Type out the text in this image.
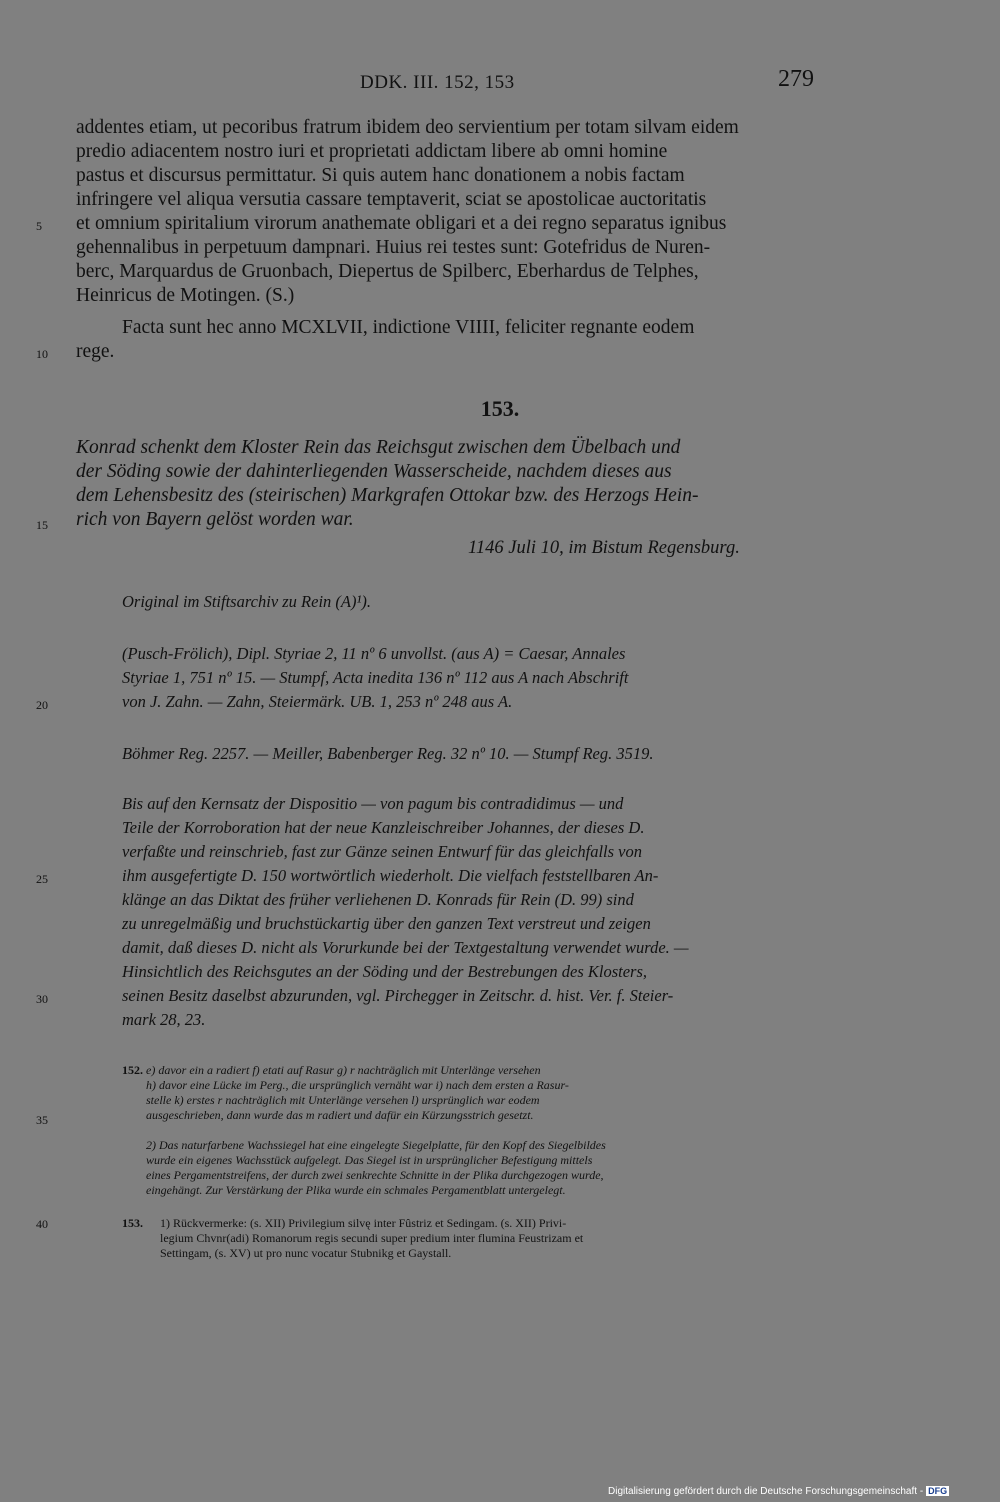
DDK. III. 152, 153	279
addentes etiam, ut pecoribus fratrum ibidem deo servientium per totam silvam eidem
predio adiacentem nostro iuri et proprietati addictam libere ab omni homine
pastus et discursus permittatur. Si quis autem hanc donationem a nobis factam
infringere vel aliqua versutia cassare temptaverit, sciat se apostolicae auctoritatis
et omnium spiritalium virorum anathemate obligari et a dei regno separatus ignibus
gehennalibus in perpetuum dampnari. Huius rei testes sunt: Gotefridus de Nuren-
berc, Marquardus de Gruonbach, Diepertus de Spilberc, Eberhardus de Telphes,
Heinricus de Motingen. (S.)
Facta sunt hec anno MCXLVII, indictione VIIII, feliciter regnante eodem
rege.
5
10
15
20
25
30
35
40
153.
Konrad schenkt dem Kloster Rein das Reichsgut zwischen dem Übelbach und
der Söding sowie der dahinterliegenden Wasserscheide, nachdem dieses aus
dem Lehensbesitz des (steirischen) Markgrafen Ottokar bzw. des Herzogs Hein-
rich von Bayern gelöst worden war.
1146 Juli 10, im Bistum Regensburg.
Original im Stiftsarchiv zu Rein (A)¹).
(Pusch-Frölich), Dipl. Styriae 2, 11 nº 6 unvollst. (aus A) = Caesar, Annales
Styriae 1, 751 nº 15. — Stumpf, Acta inedita 136 nº 112 aus A nach Abschrift
von J. Zahn. — Zahn, Steiermärk. UB. 1, 253 nº 248 aus A.
Böhmer Reg. 2257. — Meiller, Babenberger Reg. 32 nº 10. — Stumpf Reg. 3519.
Bis auf den Kernsatz der Dispositio — von pagum bis contradidimus — und
Teile der Korroboration hat der neue Kanzleischreiber Johannes, der dieses D.
verfaßte und reinschrieb, fast zur Gänze seinen Entwurf für das gleichfalls von
ihm ausgefertigte D. 150 wortwörtlich wiederholt. Die vielfach feststellbaren An-
klänge an das Diktat des früher verliehenen D. Konrads für Rein (D. 99) sind
zu unregelmäßig und bruchstückartig über den ganzen Text verstreut und zeigen
damit, daß dieses D. nicht als Vorurkunde bei der Textgestaltung verwendet wurde. —
Hinsichtlich des Reichsgutes an der Söding und der Bestrebungen des Klosters,
seinen Besitz daselbst abzurunden, vgl. Pirchegger in Zeitschr. d. hist. Ver. f. Steier-
mark 28, 23.
152. e) davor ein a radiert f) etati auf Rasur g) r nachträglich mit Unterlänge versehen
h) davor eine Lücke im Perg., die ursprünglich vernäht war i) nach dem ersten a Rasur-
stelle k) erstes r nachträglich mit Unterlänge versehen l) ursprünglich war eodem
ausgeschrieben, dann wurde das m radiert und dafür ein Kürzungsstrich gesetzt.
2) Das naturfarbene Wachssiegel hat eine eingelegte Siegelplatte, für den Kopf des Siegelbildes
wurde ein eigenes Wachsstück aufgelegt. Das Siegel ist in ursprünglicher Befestigung mittels
eines Pergamentstreifens, der durch zwei senkrechte Schnitte in der Plika durchgezogen wurde,
eingehängt. Zur Verstärkung der Plika wurde ein schmales Pergamentblatt untergelegt.
153. 1) Rückvermerke: (s. XII) Privilegium silvę inter Fûstriz et Sedingam. (s. XII) Privi-
legium Chvnr(adi) Romanorum regis secundi super predium inter flumina Feustrizam et
Settingam, (s. XV) ut pro nunc vocatur Stubnikg et Gaystall.
Digitalisierung gefördert durch die Deutsche Forschungsgemeinschaft - DFG
